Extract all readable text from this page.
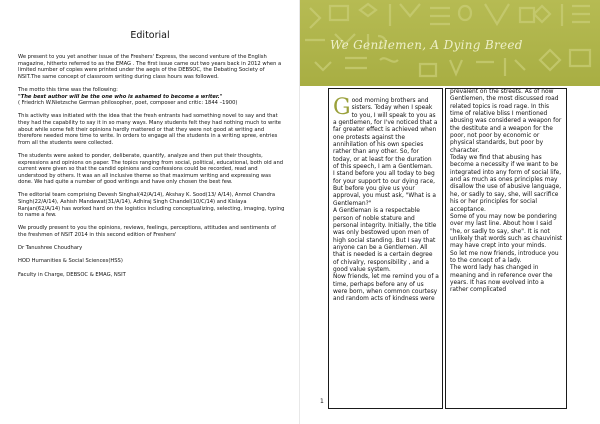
Editorial

We present to you yet another issue of the Freshers' Express, the second venture of the English magazine, hitherto referred to as the EMAG . The first issue came out two years back in 2012 when a limited number of copies were printed under the aegis of the DEBSOC, the Debating Society of NSIT.The same concept of classroom writing during class hours was followed.

The motto this time was the following:

"The best author will be the one who is ashamed to become a writer."

( Friedrich W.Nietzsche German philosopher, poet, composer and critic: 1844 –1900)

This activity was initiated with the idea that the fresh entrants had something novel to say and that they had the capability to say it in so many ways. Many students felt they had nothing much to write about while some felt their opinions hardly mattered or that they were not good at writing and therefore needed more time to write. In orders to engage all the students in a writing spree, entries from all the students were collected.

The students were asked to ponder, deliberate, quantify, analyze and then put their thoughts, expressions and opinions on paper. The topics ranging from social, political, educational, both old and current were given so that the candid opinions and confessions could be recorded, read and understood by others. It was an all inclusive theme so that maximum writing and expressing was done. We had quite a number of good writings and have only chosen the best few.

The editorial team comprising Devesh Singhal(42/A/14), Akshay K. Sood(13/ A/14), Anmol Chandra Singh(22/A/14), Ashish Mandawat(31/A/14), Adhiraj Singh Chandel(10/C/14) and Kislaya Ranjan(62/A/14) has worked hard on the logistics including conceptualizing, selecting, imaging, typing to name a few.

We proudly present to you the opinions, reviews, feelings, perceptions, attitudes and sentiments of the freshmen of NSIT 2014 in this second edition of Freshers'

Dr Tanushree Choudhary

HOD Humanities & Social Sciences(HSS)

Faculty in Charge, DEBSOC & EMAG, NSIT

We Gentlemen, A Dying Breed

Good morning brothers and sisters. Today when I speak to you, I will speak to you as a gentlemen, for I've noticed that a far greater effect is achieved when one protests against the annihilation of his own species rather than any other. So, for today, or at least for the duration of this speech, I am a Gentleman.

I stand before you all today to beg for your support to our dying race, But before you give us your approval, you must ask, "What is a Gentleman?"

A Gentleman is a respectable person of noble stature and personal integrity. Initially, the title was only bestowed upon men of high social standing. But I say that anyone can be a Gentlemen. All that is needed is a certain degree of chivalry, responsibility , and a good value system.

Now friends, let me remind you of a time, perhaps before any of us were born, when common courtesy and random acts of kindness were

prevalent on the streets. As of now Gentlemen, the most discussed road related topics is road rage. In this time of relative bliss I mentioned abusing was considered a weapon for the destitute and a weapon for the poor, not poor by economic or physical standards, but poor by character.

Today we find that abusing has become a necessity if we want to be integrated into any form of social life, and as much as ones principles may disallow the use of abusive language, he, or sadly to say, she, will sacrifice his or her principles for social acceptance.

Some of you may now be pondering over my last line. About how I said "he, or sadly to say, she". It is not unlikely that words such as chauvinist may have crept into your minds.

So let me now friends, introduce you to the concept of a lady.

The word lady has changed in meaning and in reference over the years. It has now evolved into a rather complicated

1
